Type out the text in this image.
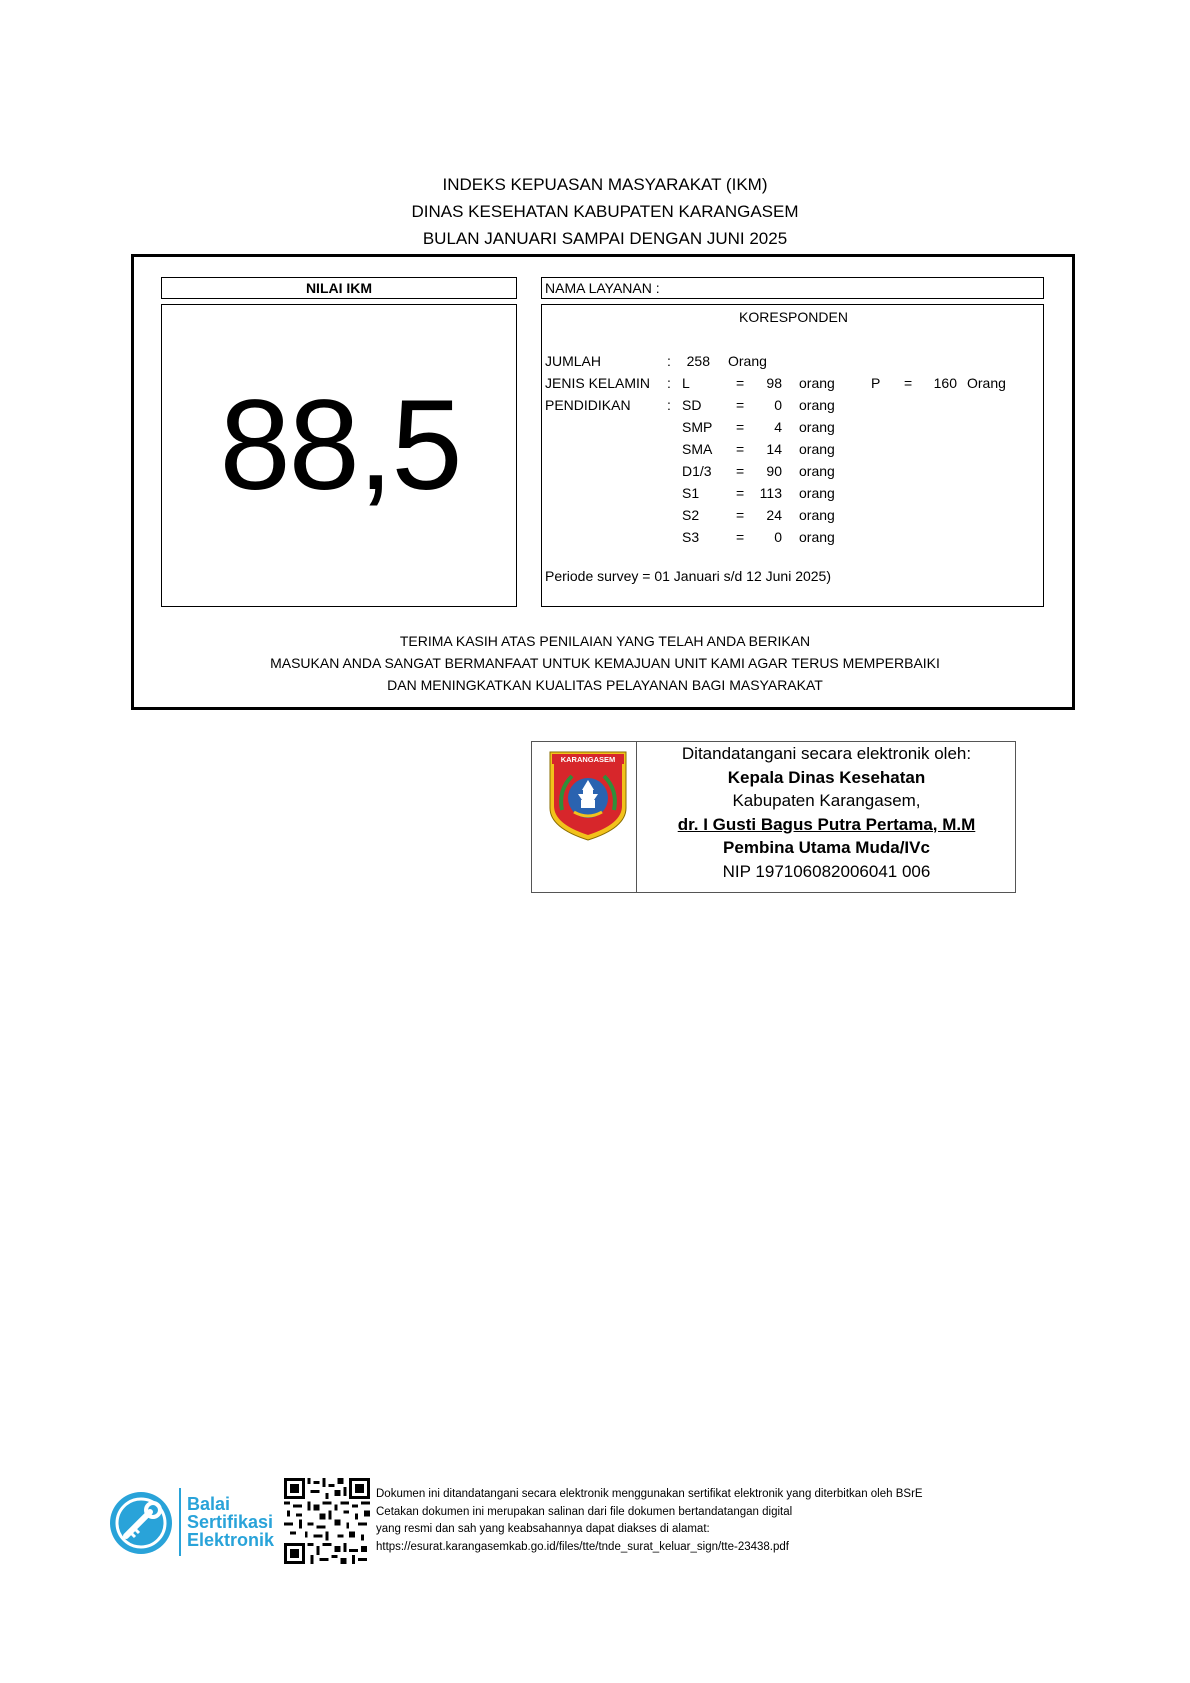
INDEKS KEPUASAN MASYARAKAT (IKM)
DINAS KESEHATAN KABUPATEN KARANGASEM
BULAN JANUARI SAMPAI DENGAN JUNI 2025
NILAI IKM
88,5
NAMA LAYANAN :
KORESPONDEN
JUMLAH	:	258 Orang
JENIS KELAMIN : L	=	98 orang	P =	160 Orang
PENDIDIKAN	: SD =	0 orang
SMP =	4 orang
SMA =	14 orang
D1/3 =	90 orang
S1	=	113 orang
S2	=	24 orang
S3	=	0 orang
Periode survey = 01 Januari s/d 12 Juni 2025)
TERIMA KASIH ATAS PENILAIAN YANG TELAH ANDA BERIKAN
MASUKAN ANDA SANGAT BERMANFAAT UNTUK KEMAJUAN UNIT KAMI AGAR TERUS MEMPERBAIKI
DAN MENINGKATKAN KUALITAS PELAYANAN BAGI MASYARAKAT
KARANGASEM	Ditandatangani secara elektronik oleh:
Kepala Dinas Kesehatan
Kabupaten Karangasem,
dr. I Gusti Bagus Putra Pertama, M.M
Pembina Utama Muda/IVc
NIP 197106082006041 006
Balai
Sertifikasi
Elektronik
Dokumen ini ditandatangani secara elektronik menggunakan sertifikat elektronik yang diterbitkan oleh BSrE
Cetakan dokumen ini merupakan salinan dari file dokumen bertandatangan digital
yang resmi dan sah yang keabsahannya dapat diakses di alamat:
https://esurat.karangasemkab.go.id/files/tte/tnde_surat_keluar_sign/tte-23438.pdf
